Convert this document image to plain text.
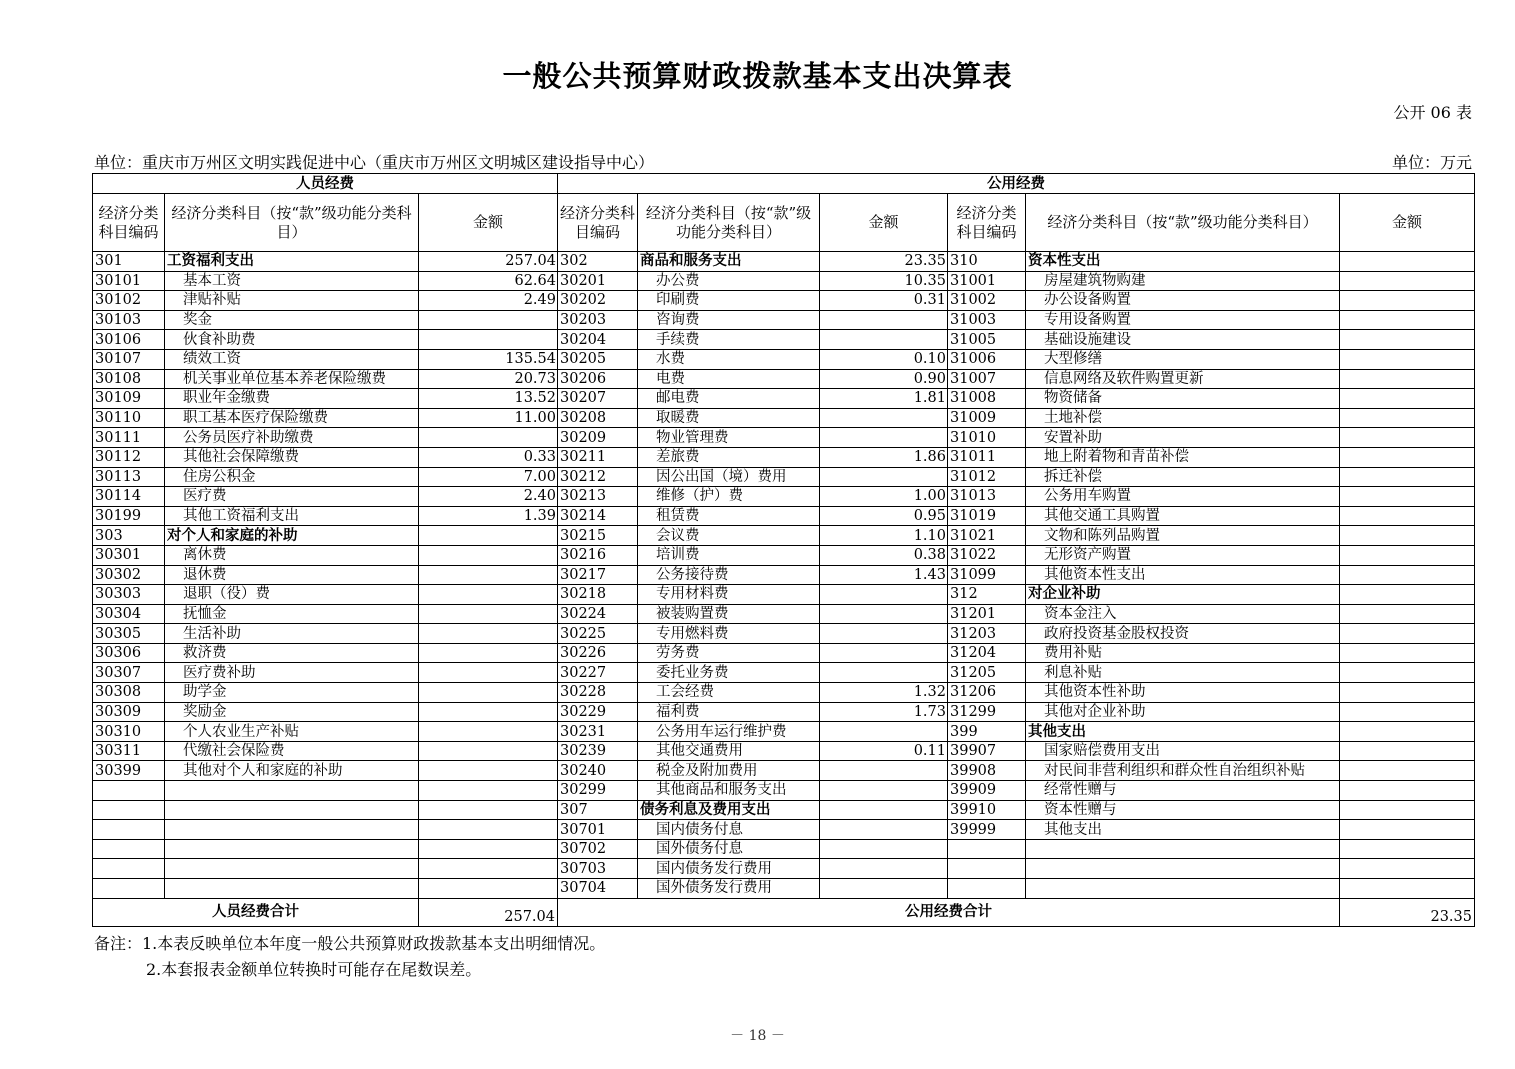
一般公共预算财政拨款基本支出决算表
公开 06 表
单位：重庆市万州区文明实践促进中心（重庆市万州区文明城区建设指导中心）	单位：万元
人员经费			公用经费					
经济分类科目编码	经济分类科目（按“款”级功能分类科目）	金额	经济分类科目编码	经济分类科目（按“款”级功能分类科目）	金额	经济分类科目编码	经济分类科目（按“款”级功能分类科目）	金额
301	工资福利支出	257.04	302	商品和服务支出	23.35	310	资本性支出	
30101	基本工资	62.64	30201	办公费	10.35	31001	房屋建筑物购建	
30102	津贴补贴	2.49	30202	印刷费	0.31	31002	办公设备购置	
30103	奖金		30203	咨询费		31003	专用设备购置	
30106	伙食补助费		30204	手续费		31005	基础设施建设	
30107	绩效工资	135.54	30205	水费	0.10	31006	大型修缮	
30108	机关事业单位基本养老保险缴费	20.73	30206	电费	0.90	31007	信息网络及软件购置更新	
30109	职业年金缴费	13.52	30207	邮电费	1.81	31008	物资储备	
30110	职工基本医疗保险缴费	11.00	30208	取暖费		31009	土地补偿	
30111	公务员医疗补助缴费		30209	物业管理费		31010	安置补助	
30112	其他社会保障缴费	0.33	30211	差旅费	1.86	31011	地上附着物和青苗补偿	
30113	住房公积金	7.00	30212	因公出国（境）费用		31012	拆迁补偿	
30114	医疗费	2.40	30213	维修（护）费	1.00	31013	公务用车购置	
30199	其他工资福利支出	1.39	30214	租赁费	0.95	31019	其他交通工具购置	
303	对个人和家庭的补助		30215	会议费	1.10	31021	文物和陈列品购置	
30301	离休费		30216	培训费	0.38	31022	无形资产购置	
30302	退休费		30217	公务接待费	1.43	31099	其他资本性支出	
30303	退职（役）费		30218	专用材料费		312	对企业补助	
30304	抚恤金		30224	被装购置费		31201	资本金注入	
30305	生活补助		30225	专用燃料费		31203	政府投资基金股权投资	
30306	救济费		30226	劳务费		31204	费用补贴	
30307	医疗费补助		30227	委托业务费		31205	利息补贴	
30308	助学金		30228	工会经费	1.32	31206	其他资本性补助	
30309	奖励金		30229	福利费	1.73	31299	其他对企业补助	
30310	个人农业生产补贴		30231	公务用车运行维护费		399	其他支出	
30311	代缴社会保险费		30239	其他交通费用	0.11	39907	国家赔偿费用支出	
30399	其他对个人和家庭的补助		30240	税金及附加费用		39908	对民间非营利组织和群众性自治组织补贴	
			30299	其他商品和服务支出		39909	经常性赠与	
			307	债务利息及费用支出		39910	资本性赠与	
			30701	国内债务付息		39999	其他支出	
			30702	国外债务付息				
			30703	国内债务发行费用				
			30704	国外债务发行费用				
人员经费合计		257.04	公用经费合计					23.35
备注：1.本表反映单位本年度一般公共预算财政拨款基本支出明细情况。
2.本套报表金额单位转换时可能存在尾数误差。
－ 18 －
